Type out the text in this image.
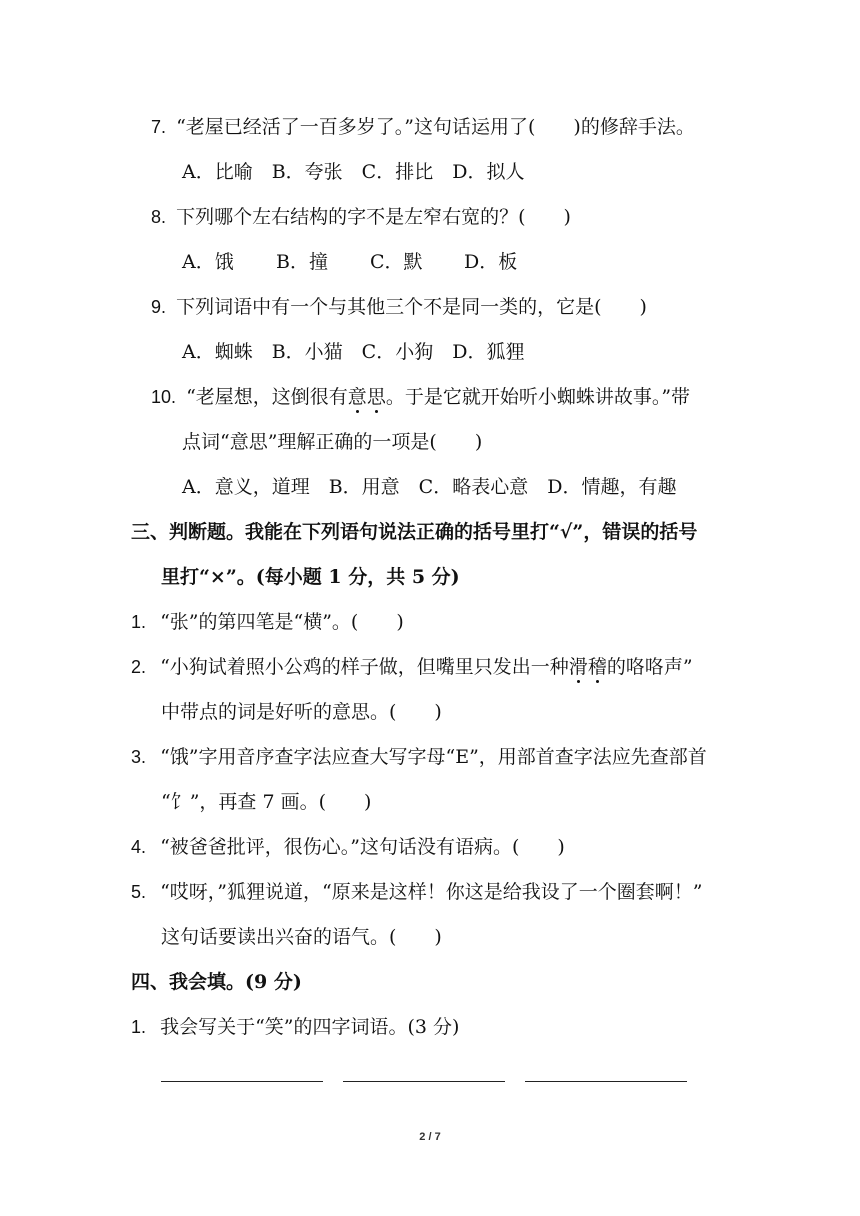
7. “老屋已经活了一百多岁了。”这句话运用了(　　)的修辞手法。
A．比喻　B．夸张　C．排比　D．拟人
8. 下列哪个左右结构的字不是左窄右宽的？(　　)
A．饿 B．撞 C．默 D．板
9. 下列词语中有一个与其他三个不是同一类的，它是(　　)
A．蜘蛛　B．小猫　C．小狗　D．狐狸
10. “老屋想，这倒很有意思。于是它就开始听小蜘蛛讲故事。”带
点词“意思”理解正确的一项是(　　)
A．意义，道理　B．用意　C．略表心意　D．情趣，有趣
三、判断题。我能在下列语句说法正确的括号里打“√”，错误的括号
里打“×”。(每小题 1 分，共 5 分)
1. “张”的第四笔是“横”。(　　)
2. “小狗试着照小公鸡的样子做，但嘴里只发出一种滑稽的咯咯声”
中带点的词是好听的意思。(　　)
3. “饿”字用音序查字法应查大写字母“E”，用部首查字法应先查部首
“饣”，再查 7 画。(　　)
4. “被爸爸批评，很伤心。”这句话没有语病。(　　)
5. “哎呀，”狐狸说道，“原来是这样！你这是给我设了一个圈套啊！”
这句话要读出兴奋的语气。(　　)
四、我会填。(9 分)
1. 我会写关于“笑”的四字词语。(3 分)
2 / 7
